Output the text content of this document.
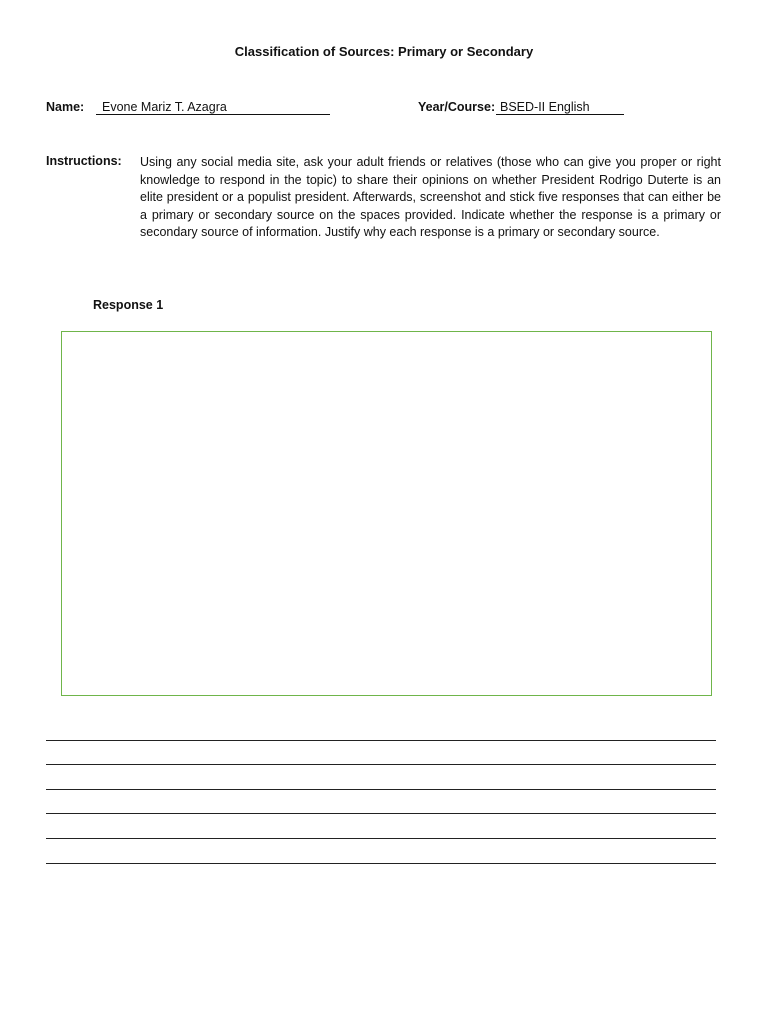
Classification of Sources: Primary or Secondary
Name:	Evone Mariz T. Azagra	Year/Course: BSED-II English
Instructions: Using any social media site, ask your adult friends or relatives (those who can give you proper or right knowledge to respond in the topic) to share their opinions on whether President Rodrigo Duterte is an elite president or a populist president. Afterwards, screenshot and stick five responses that can either be a primary or secondary source on the spaces provided. Indicate whether the response is a primary or secondary source of information. Justify why each response is a primary or secondary source.
Response 1
